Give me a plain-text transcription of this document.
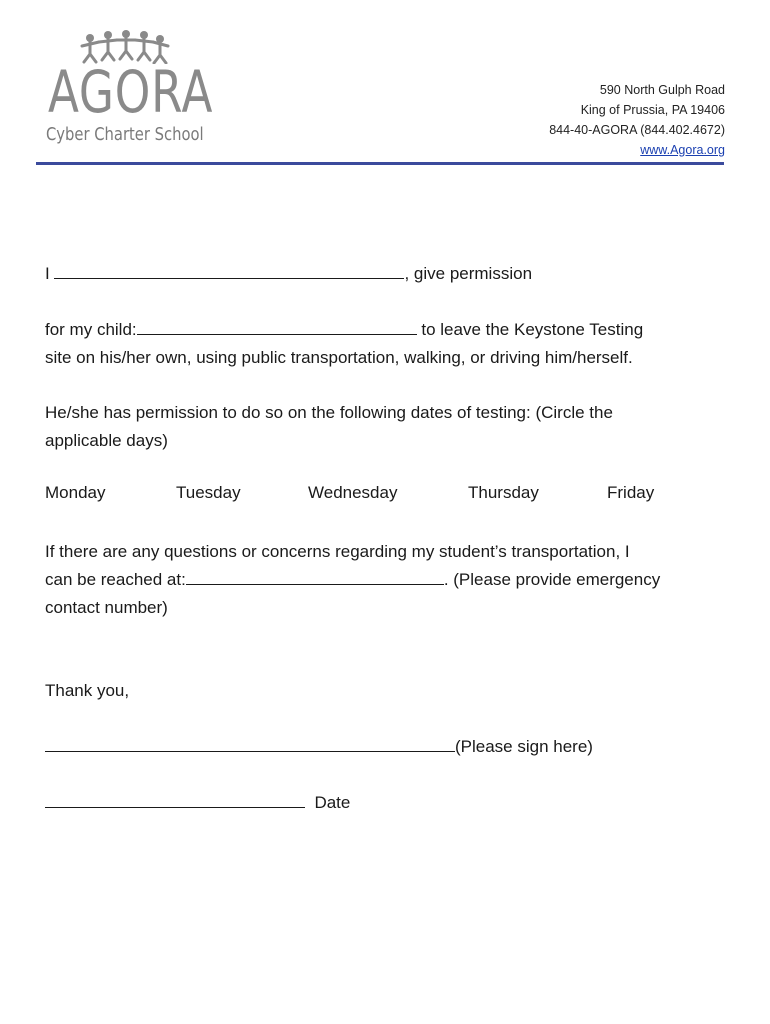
AGORA
Cyber Charter School
590 North Gulph Road
King of Prussia, PA 19406
844-40-AGORA (844.402.4672)
www.Agora.org
I	, give permission
for my child:	to leave the Keystone Testing
site on his/her own, using public transportation, walking, or driving him/herself.
He/she has permission to do so on the following dates of testing: (Circle the
applicable days)
Monday	Tuesday	Wednesday	Thursday	Friday
If there are any questions or concerns regarding my student’s transportation, I
can be reached at:	. (Please provide emergency
contact number)
Thank you,
(Please sign here)
Date
